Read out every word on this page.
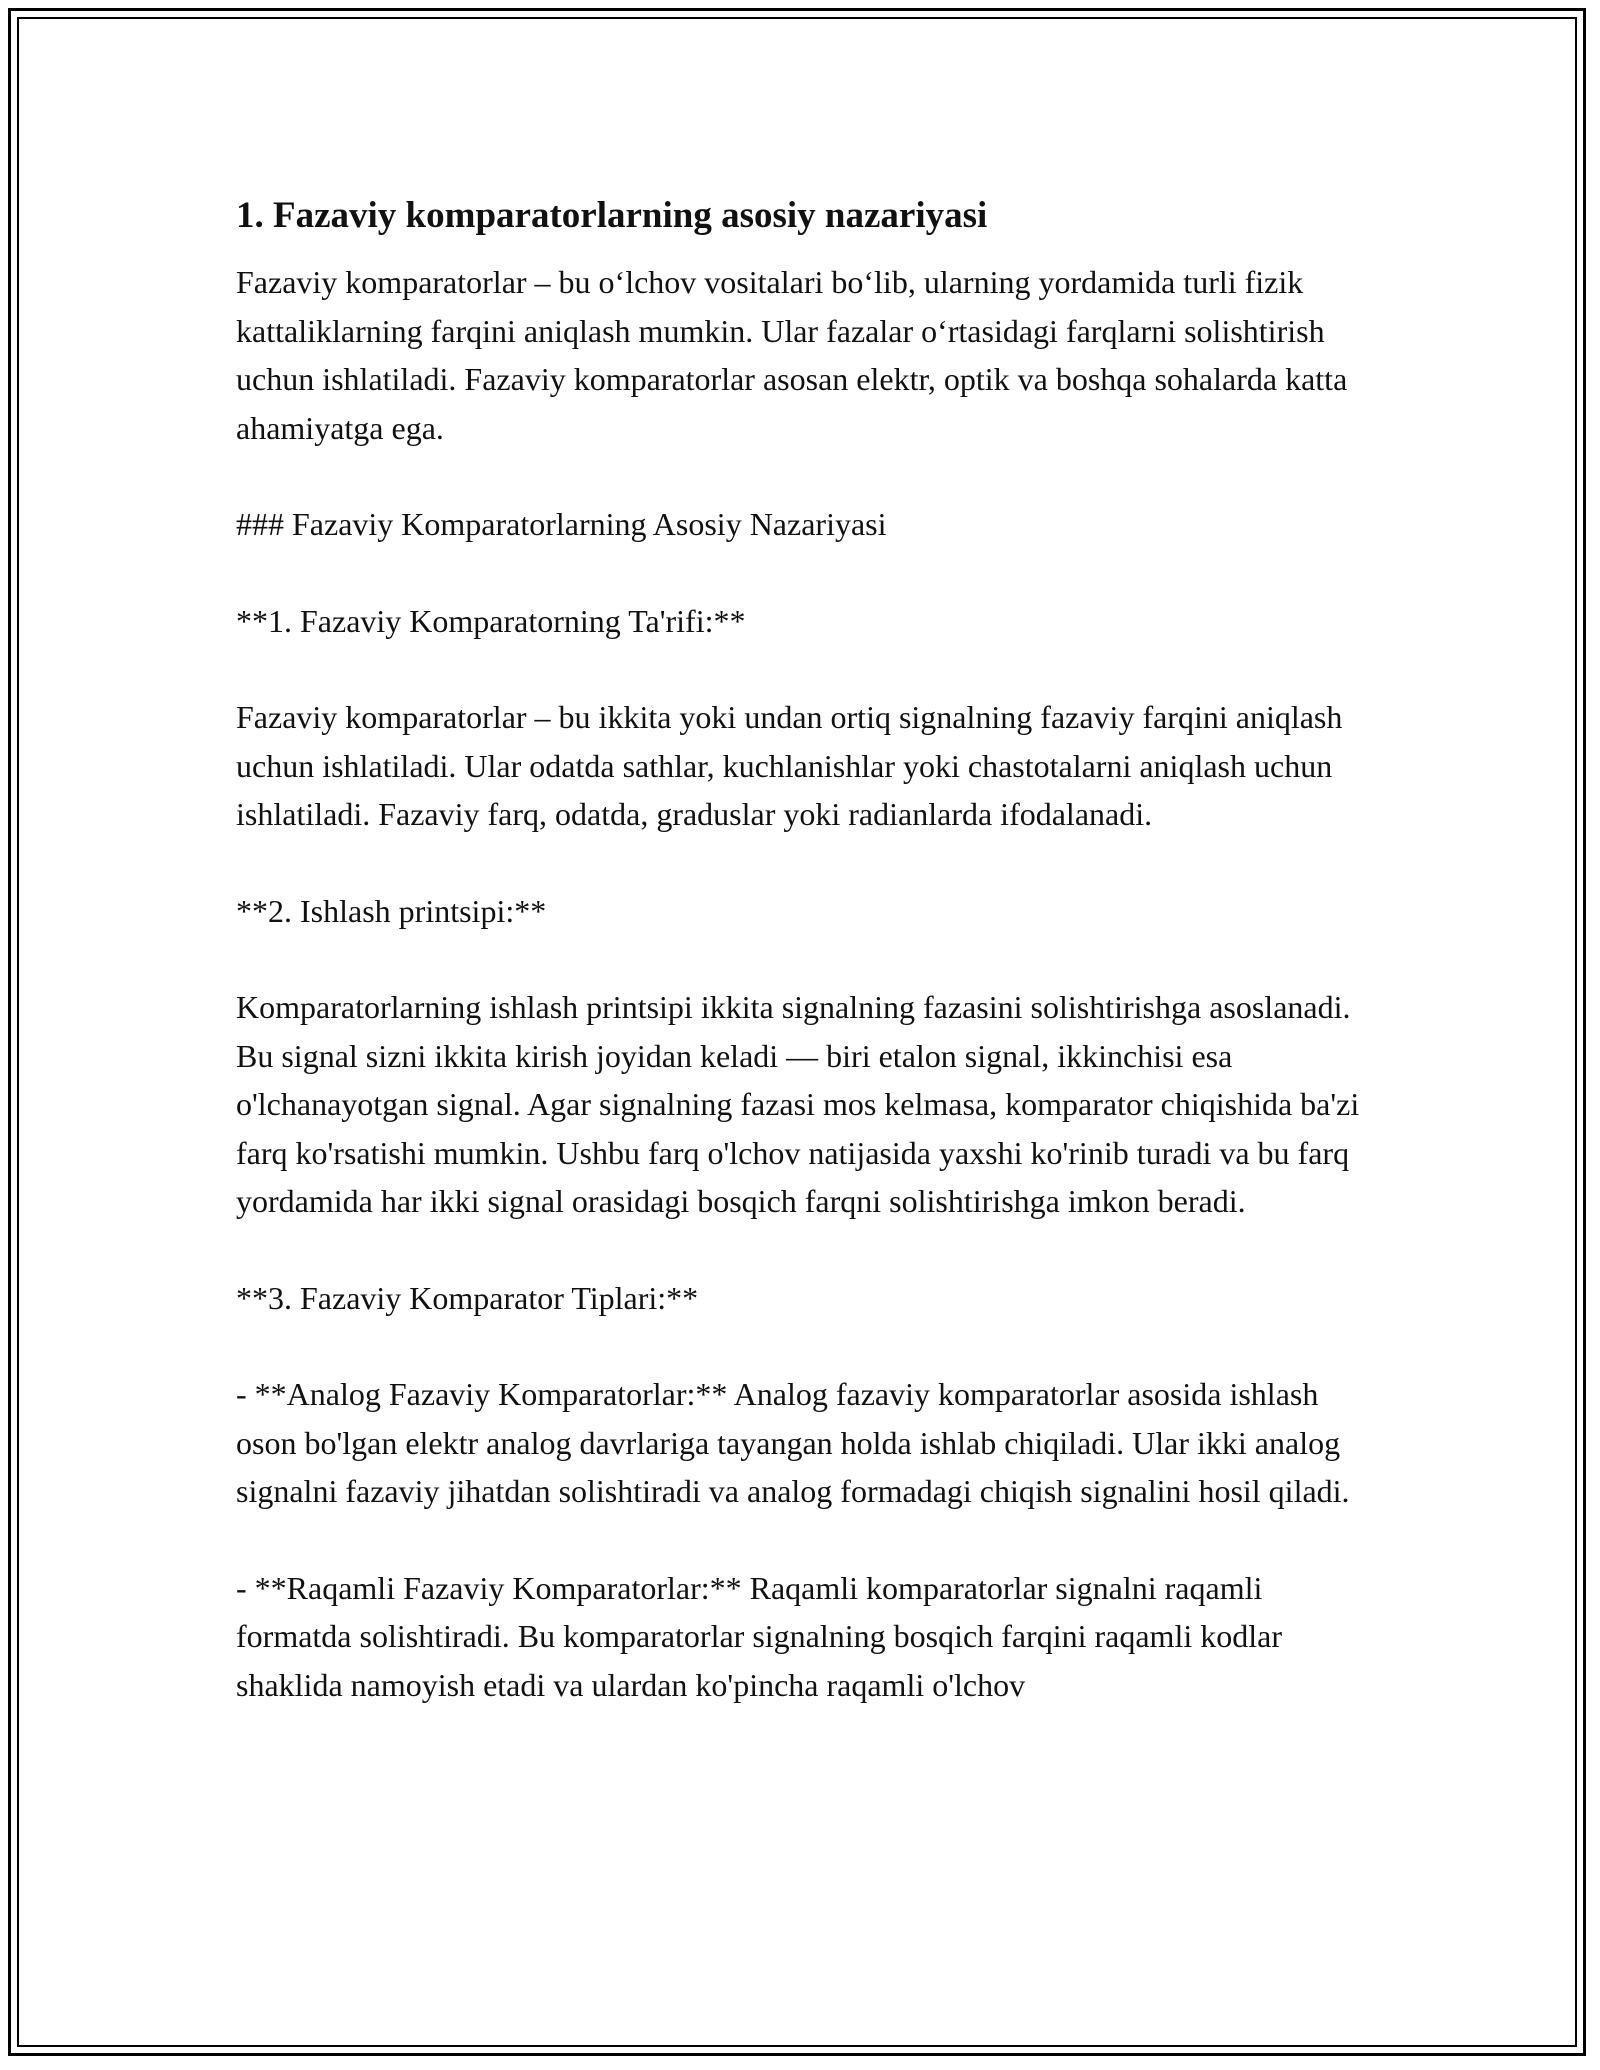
1. Fazaviy komparatorlarning asosiy nazariyasi

Fazaviy komparatorlar – bu o‘lchov vositalari bo‘lib, ularning yordamida turli fizik kattaliklarning farqini aniqlash mumkin. Ular fazalar o‘rtasidagi farqlarni solishtirish uchun ishlatiladi. Fazaviy komparatorlar asosan elektr, optik va boshqa sohalarda katta ahamiyatga ega.

### Fazaviy Komparatorlarning Asosiy Nazariyasi

**1. Fazaviy Komparatorning Ta'rifi:**

Fazaviy komparatorlar – bu ikkita yoki undan ortiq signalning fazaviy farqini aniqlash uchun ishlatiladi. Ular odatda sathlar, kuchlanishlar yoki chastotalarni aniqlash uchun ishlatiladi. Fazaviy farq, odatda, graduslar yoki radianlarda ifodalanadi.

**2. Ishlash printsipi:**

Komparatorlarning ishlash printsipi ikkita signalning fazasini solishtirishga asoslanadi. Bu signal sizni ikkita kirish joyidan keladi — biri etalon signal, ikkinchisi esa o'lchanayotgan signal. Agar signalning fazasi mos kelmasa, komparator chiqishida ba'zi farq ko'rsatishi mumkin. Ushbu farq o'lchov natijasida yaxshi ko'rinib turadi va bu farq yordamida har ikki signal orasidagi bosqich farqni solishtirishga imkon beradi.

**3. Fazaviy Komparator Tiplari:**

- **Analog Fazaviy Komparatorlar:** Analog fazaviy komparatorlar asosida ishlash oson bo'lgan elektr analog davrlariga tayangan holda ishlab chiqiladi. Ular ikki analog signalni fazaviy jihatdan solishtiradi va analog formadagi chiqish signalini hosil qiladi.

- **Raqamli Fazaviy Komparatorlar:** Raqamli komparatorlar signalni raqamli formatda solishtiradi. Bu komparatorlar signalning bosqich farqini raqamli kodlar shaklida namoyish etadi va ulardan ko'pincha raqamli o'lchov
